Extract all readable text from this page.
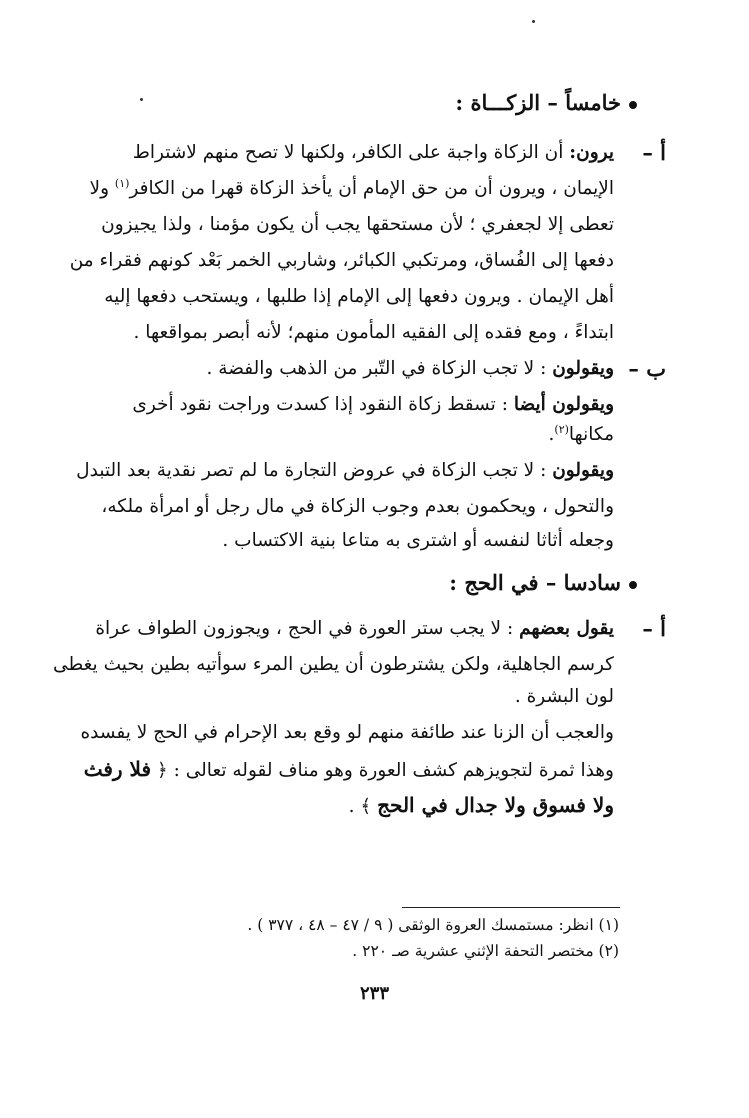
خامساً – الزكـــاة :
أ –
يرون: أن الزكاة واجبة على الكافر، ولكنها لا تصح منهم لاشتراط
الإيمان ، ويرون أن من حق الإمام أن يأخذ الزكاة قهرا من الكافر$^{(١)}$ ولا
تعطى إلا لجعفري ؛ لأن مستحقها يجب أن يكون مؤمنا ، ولذا يجيزون
دفعها إلى الفُساق، ومرتكبي الكبائر، وشاربي الخمر بَعْد كونهم فقراء من
أهل الإيمان . ويرون دفعها إلى الإمام إذا طلبها ، ويستحب دفعها إليه
ابتداءً ، ومع فقده إلى الفقيه المأمون منهم؛ لأنه أبصر بمواقعها .
ب –
ويقولون : لا تجب الزكاة في التّبر من الذهب والفضة .
ويقولون أيضا : تسقط زكاة النقود إذا كسدت وراجت نقود أخرى
مكانها$^{(٢)}$.
ويقولون : لا تجب الزكاة في عروض التجارة ما لم تصر نقدية بعد التبدل
والتحول ، ويحكمون بعدم وجوب الزكاة في مال رجل أو امرأة ملكه،
وجعله أثاثا لنفسه أو اشترى به متاعا بنية الاكتساب .
سادسا – في الحج :
أ –
يقول بعضهم : لا يجب ستر العورة في الحج ، ويجوزون الطواف عراة
كرسم الجاهلية، ولكن يشترطون أن يطين المرء سوأتيه بطين بحيث يغطى
لون البشرة .
والعجب أن الزنا عند طائفة منهم لو وقع بعد الإحرام في الحج لا يفسده
وهذا ثمرة لتجويزهم كشف العورة وهو مناف لقوله تعالى : ﴿ فلا رفث
ولا فسوق ولا جدال في الحج ﴾ .
(١) انظر: مستمسك العروة الوثقى ( ٩ / ٤٧ – ٤٨ ، ٣٧٧ ) .
(٢) مختصر التحفة الإثني عشرية صـ ٢٢٠ .
٢٣٣
